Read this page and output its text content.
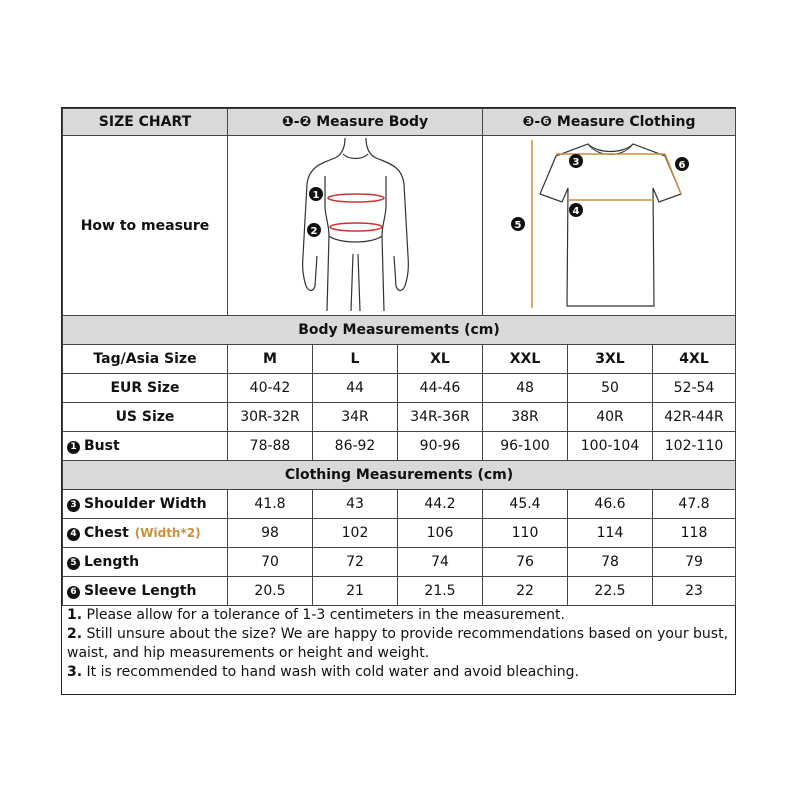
SIZE CHART	❶-❷ Measure Body			❸-❻ Measure Clothing		
How to measure	1
2			3
4
5
6		

Body Measurements (cm)						
Tag/Asia Size	M	L	XL	XXL	3XL	4XL
EUR Size	40-42	44	44-46	48	50	52-54
US Size	30R-32R	34R	34R-36R	38R	40R	42R-44R
1 Bust	78-88	86-92	90-96	96-100	100-104	102-110
Clothing Measurements (cm)						
3 Shoulder Width	41.8	43	44.2	45.4	46.6	47.8
4 Chest (Width*2)	98	102	106	110	114	118
5 Length	70	72	74	76	78	79
6 Sleeve Length	20.5	21	21.5	22	22.5	23
1. Please allow for a tolerance of 1-3 centimeters in the measurement.
2. Still unsure about the size? We are happy to provide recommendations based on your bust, waist, and hip measurements or height and weight.
3. It is recommended to hand wash with cold water and avoid bleaching.
